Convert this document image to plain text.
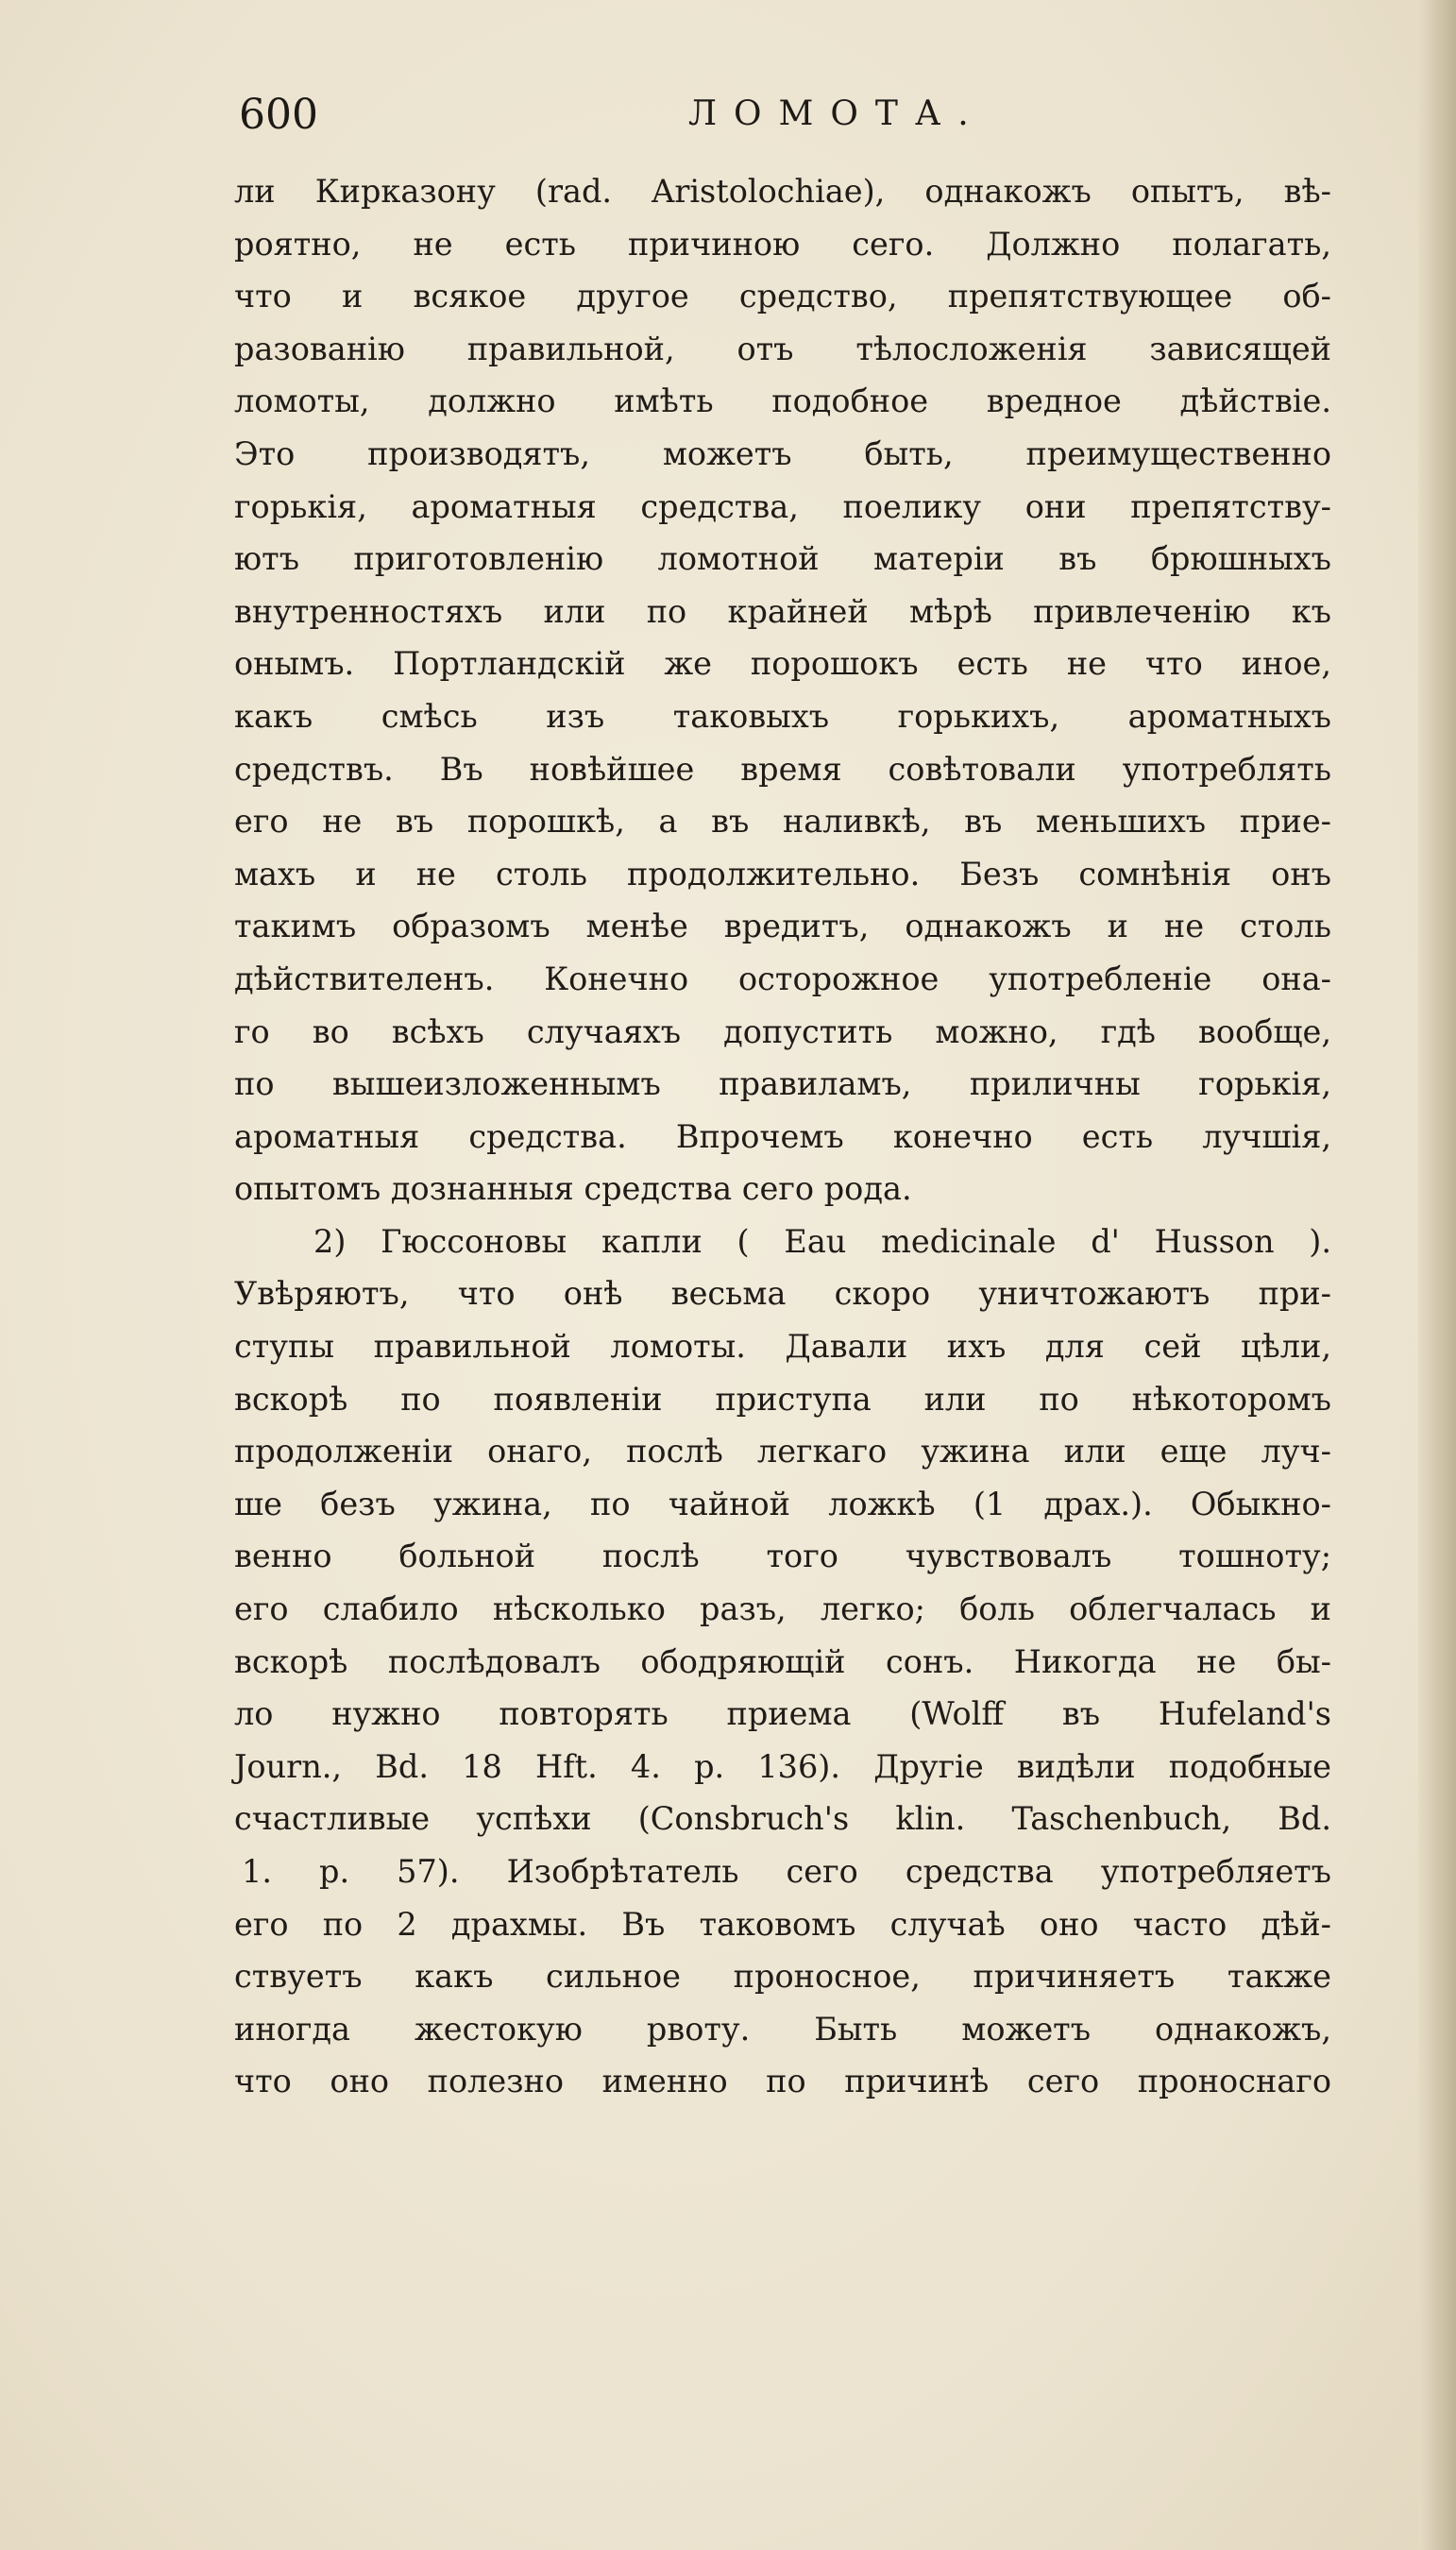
600	ЛОМОТА.
ли Кирказону (rad. Aristolochiae), однакожъ опытъ, вѣ-
роятно, не есть причиною сего. Должно полагать,
что и всякое другое средство, препятствующее об-
разованію правильной, отъ тѣлосложенія зависящей
ломоты, должно имѣть подобное вредное дѣйствіе.
Это производятъ, можетъ быть, преимущественно
горькія, ароматныя средства, поелику они препятству-
ютъ приготовленію ломотной матеріи въ брюшныхъ
внутренностяхъ или по крайней мѣрѣ привлеченію къ
онымъ. Портландскій же порошокъ есть не что иное,
какъ смѣсь изъ таковыхъ горькихъ, ароматныхъ
средствъ. Въ новѣйшее время совѣтовали употреблять
его не въ порошкѣ, а въ наливкѣ, въ меньшихъ прие-
махъ и не столь продолжительно. Безъ сомнѣнія онъ
такимъ образомъ менѣе вредитъ, однакожъ и не столь
дѣйствителенъ. Конечно осторожное употребленіе она-
го во всѣхъ случаяхъ допустить можно, гдѣ вообще,
по вышеизложеннымъ правиламъ, приличны горькія,
ароматныя средства. Впрочемъ конечно есть лучшія,
опытомъ дознанныя средства сего рода.
2) Гюссоновы капли ( Eau medicinale d' Husson ).
Увѣряютъ, что онѣ весьма скоро уничтожаютъ при-
ступы правильной ломоты. Давали ихъ для сей цѣли,
вскорѣ по появленіи приступа или по нѣкоторомъ
продолженіи онаго, послѣ легкаго ужина или еще луч-
ше безъ ужина, по чайной ложкѣ (1 драх.). Обыкно-
венно больной послѣ того чувствовалъ тошноту;
его слабило нѣсколько разъ, легко; боль облегчалась и
вскорѣ послѣдовалъ ободряющій сонъ. Никогда не бы-
ло нужно повторять приема (Wolff въ Hufeland's
Journ., Bd. 18 Hft. 4. p. 136). Другіе видѣли подобные
счастливые успѣхи (Consbruch's klin. Taschenbuch, Bd.
1. p. 57). Изобрѣтатель сего средства употребляетъ
его по 2 драхмы. Въ таковомъ случаѣ оно часто дѣй-
ствуетъ какъ сильное проносное, причиняетъ также
иногда жестокую рвоту. Быть можетъ однакожъ,
что оно полезно именно по причинѣ сего проноснаго
